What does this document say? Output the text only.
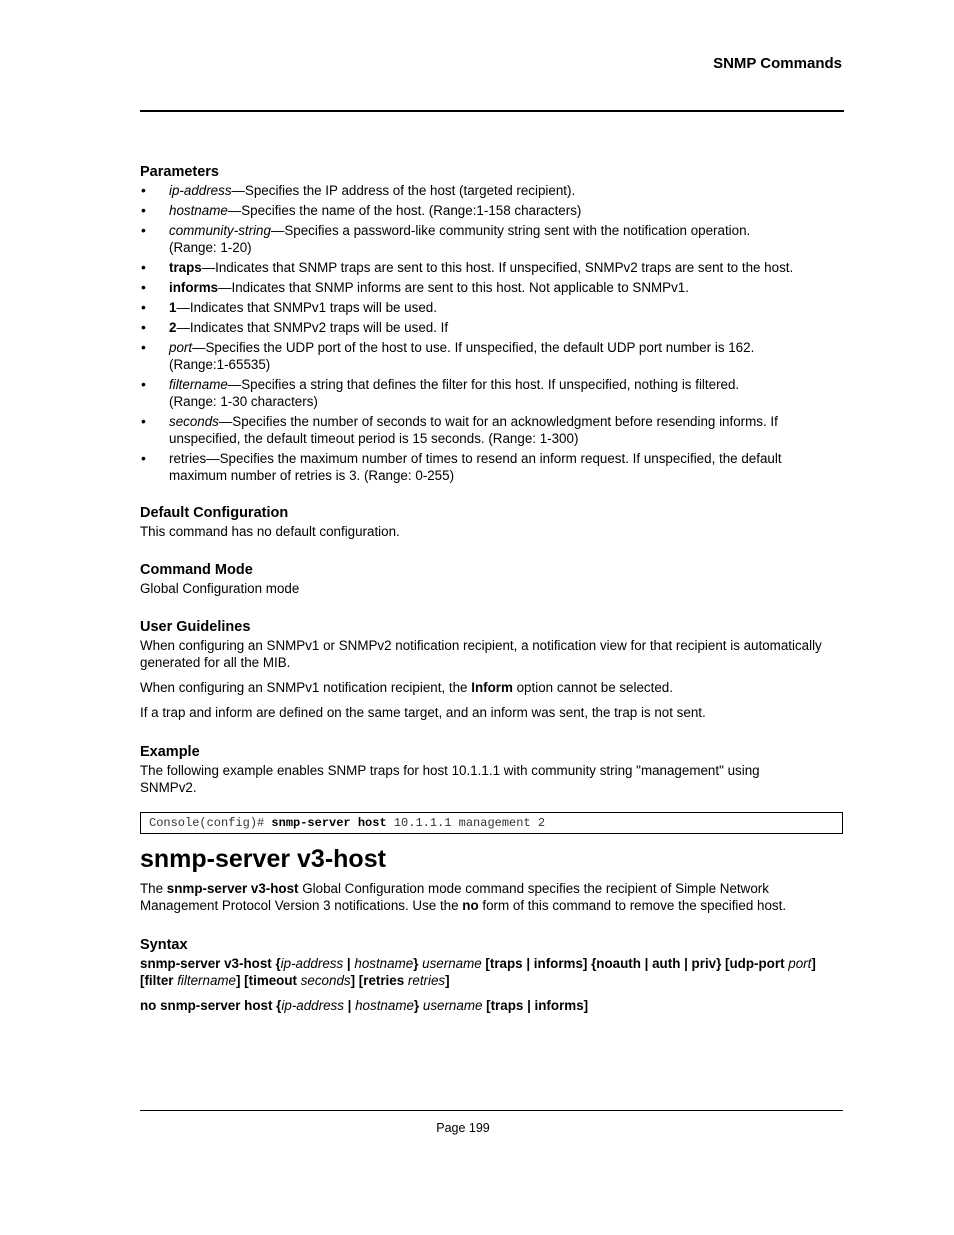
SNMP Commands
Parameters
• ip-address—Specifies the IP address of the host (targeted recipient).
• hostname—Specifies the name of the host. (Range:1-158 characters)
• community-string—Specifies a password-like community string sent with the notification operation.
(Range: 1-20)
• traps—Indicates that SNMP traps are sent to this host. If unspecified, SNMPv2 traps are sent to the host.
• informs—Indicates that SNMP informs are sent to this host. Not applicable to SNMPv1.
• 1—Indicates that SNMPv1 traps will be used.
• 2—Indicates that SNMPv2 traps will be used. If
• port—Specifies the UDP port of the host to use. If unspecified, the default UDP port number is 162.
(Range:1-65535)
• filtername—Specifies a string that defines the filter for this host. If unspecified, nothing is filtered.
(Range: 1-30 characters)
• seconds—Specifies the number of seconds to wait for an acknowledgment before resending informs. If
unspecified, the default timeout period is 15 seconds. (Range: 1-300)
• retries—Specifies the maximum number of times to resend an inform request. If unspecified, the default
maximum number of retries is 3. (Range: 0-255)
Default Configuration

This command has no default configuration.

Command Mode

Global Configuration mode

User Guidelines

When configuring an SNMPv1 or SNMPv2 notification recipient, a notification view for that recipient is automatically generated for all the MIB.

When configuring an SNMPv1 notification recipient, the Inform option cannot be selected.

If a trap and inform are defined on the same target, and an inform was sent, the trap is not sent.

Example

The following example enables SNMP traps for host 10.1.1.1 with community string "management" using SNMPv2.

Console(config)# snmp-server host 10.1.1.1 management 2
snmp-server v3-host

The snmp-server v3-host Global Configuration mode command specifies the recipient of Simple Network Management Protocol Version 3 notifications. Use the no form of this command to remove the specified host.

Syntax

snmp-server v3-host {ip-address | hostname} username [traps | informs] {noauth | auth | priv} [udp-port port] [filter filtername] [timeout seconds] [retries retries]

no snmp-server host {ip-address | hostname} username [traps | informs]

Page 199
